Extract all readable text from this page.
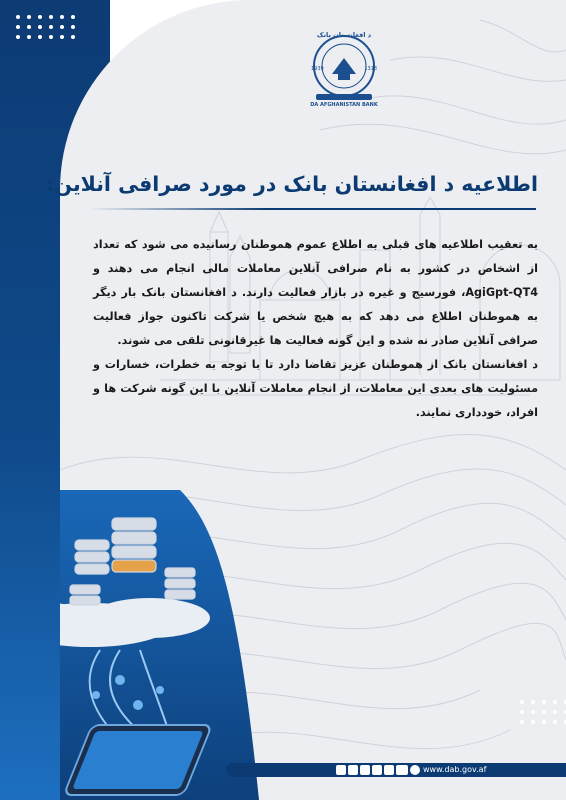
د افغانستان بانک
1939	1318
DA AFGHANISTAN BANK
اطلاعیه د افغانستان بانک در مورد صرافی آنلاین:

به تعقیب اطلاعیه های قبلی به اطلاع عموم هموطنان رسانیده می شود که تعداد از اشخاص در کشور به نام صرافی آنلاین معاملات مالی انجام می دهند و AgiGpt-QT4، فورسیج و غیره در بازار فعالیت دارند. د افغانستان بانک بار دیگر به هموطنان اطلاع می دهد که به هیچ شخص یا شرکت تاکنون جواز فعالیت صرافی آنلاین صادر نه شده و این گونه فعالیت ها غیرقانونی تلقی می شوند.

د افغانستان بانک از هموطنان عزیز تقاضا دارد تا با توجه به خطرات، خسارات و مسئولیت های بعدی این معاملات، از انجام معاملات آنلاین با این گونه شرکت ها و افراد، خودداری نمایند.

www.dab.gov.af
